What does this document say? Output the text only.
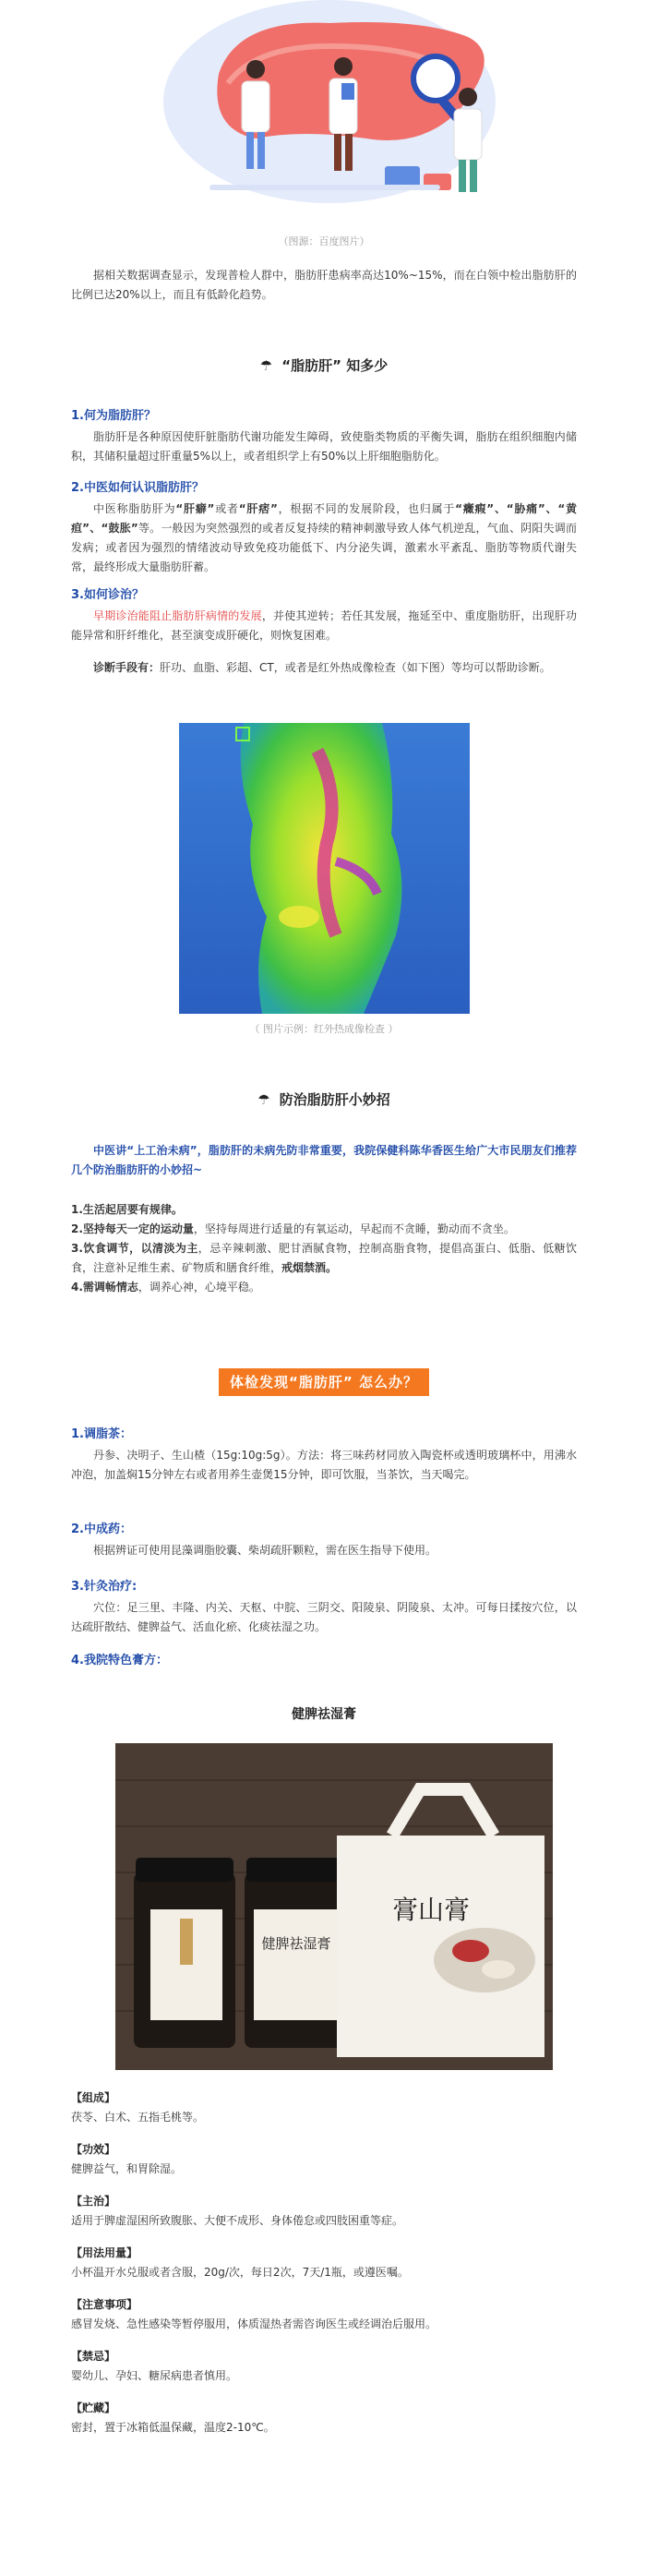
（图源：百度图片）
据相关数据调查显示，发现普检人群中，脂肪肝患病率高达10%~15%，而在白领中检出脂肪肝的比例已达20%以上，而且有低龄化趋势。
☂ “脂肪肝” 知多少
1.何为脂肪肝？
脂肪肝是各种原因使肝脏脂肪代谢功能发生障碍，致使脂类物质的平衡失调，脂肪在组织细胞内储积，其储积量超过肝重量5%以上，或者组织学上有50%以上肝细胞脂肪化。
2.中医如何认识脂肪肝？
中医称脂肪肝为“肝癖”或者“肝痞”，根据不同的发展阶段，也归属于“癥瘕”、“胁痛”、“黄疸”、“鼓胀”等。一般因为突然强烈的或者反复持续的精神刺激导致人体气机逆乱，气血、阴阳失调而发病；或者因为强烈的情绪波动导致免疫功能低下、内分泌失调，激素水平紊乱、脂肪等物质代谢失常，最终形成大量脂肪肝蓄。
3.如何诊治？
早期诊治能阻止脂肪肝病情的发展，并使其逆转；若任其发展，拖延至中、重度脂肪肝，出现肝功能异常和肝纤维化，甚至演变成肝硬化，则恢复困难。
诊断手段有：肝功、血脂、彩超、CT，或者是红外热成像检查（如下图）等均可以帮助诊断。
（ 图片示例：红外热成像检查 ）
☂ 防治脂肪肝小妙招
中医讲“上工治未病”，脂肪肝的未病先防非常重要，我院保健科陈华香医生给广大市民朋友们推荐几个防治脂肪肝的小妙招~
1.生活起居要有规律。
2.坚持每天一定的运动量，坚持每周进行适量的有氧运动，早起而不贪睡，勤动而不贪坐。
3.饮食调节，以清淡为主，忌辛辣刺激、肥甘酒腻食物，控制高脂食物，提倡高蛋白、低脂、低糖饮食，注意补足维生素、矿物质和膳食纤维，戒烟禁酒。
4.需调畅情志，调养心神，心境平稳。
体检发现“脂肪肝” 怎么办？
1.调脂茶：
丹参、决明子、生山楂（15g:10g:5g）。方法：将三味药材同放入陶瓷杯或透明玻璃杯中，用沸水冲泡，加盖焖15分钟左右或者用养生壶煲15分钟，即可饮服，当茶饮，当天喝完。
2.中成药：
根据辨证可使用昆藻调脂胶囊、柴胡疏肝颗粒，需在医生指导下使用。
3.针灸治疗:
穴位：足三里、丰隆、内关、天枢、中脘、三阴交、阳陵泉、阴陵泉、太冲。可每日揉按穴位，以达疏肝散结、健脾益气、活血化瘀、化痰祛湿之功。
4.我院特色膏方：
健脾祛湿膏
健脾祛湿膏
膏山膏
【组成】

茯苓、白术、五指毛桃等。

【功效】

健脾益气，和胃除湿。

【主治】

适用于脾虚湿困所致腹胀、大便不成形、身体倦怠或四肢困重等症。

【用法用量】

小杯温开水兑服或者含服，20g/次，每日2次，7天/1瓶，或遵医嘱。

【注意事项】

感冒发烧、急性感染等暂停服用，体质湿热者需咨询医生或经调治后服用。

【禁忌】

婴幼儿、孕妇、糖尿病患者慎用。

【贮藏】

密封，置于冰箱低温保藏，温度2-10℃。
